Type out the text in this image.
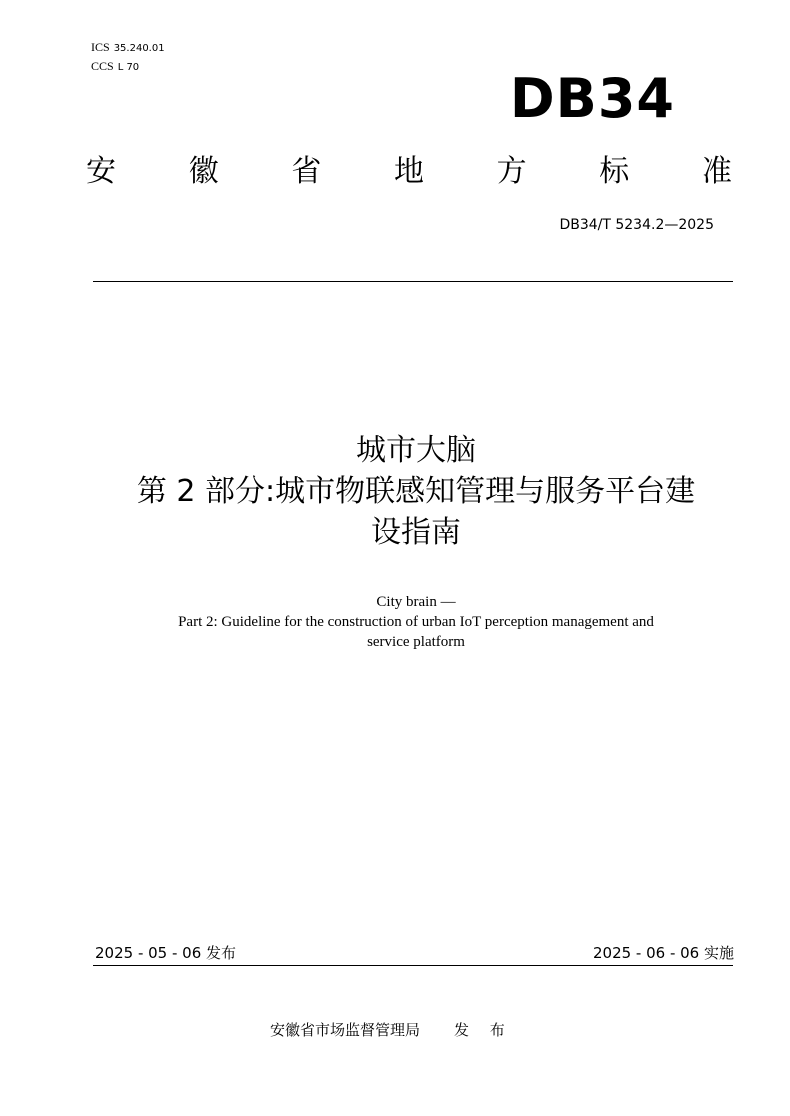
ICS 35.240.01
CCS L 70	DB34
安 徽 省 地 方 标 准
DB34/T 5234.2—2025
城市大脑
第 2 部分:城市物联感知管理与服务平台建
设指南
City brain —
Part 2: Guideline for the construction of urban IoT perception management and
service platform
2025 - 05 - 06 发布	2025 - 06 - 06 实施
安徽省市场监督管理局 发 布
